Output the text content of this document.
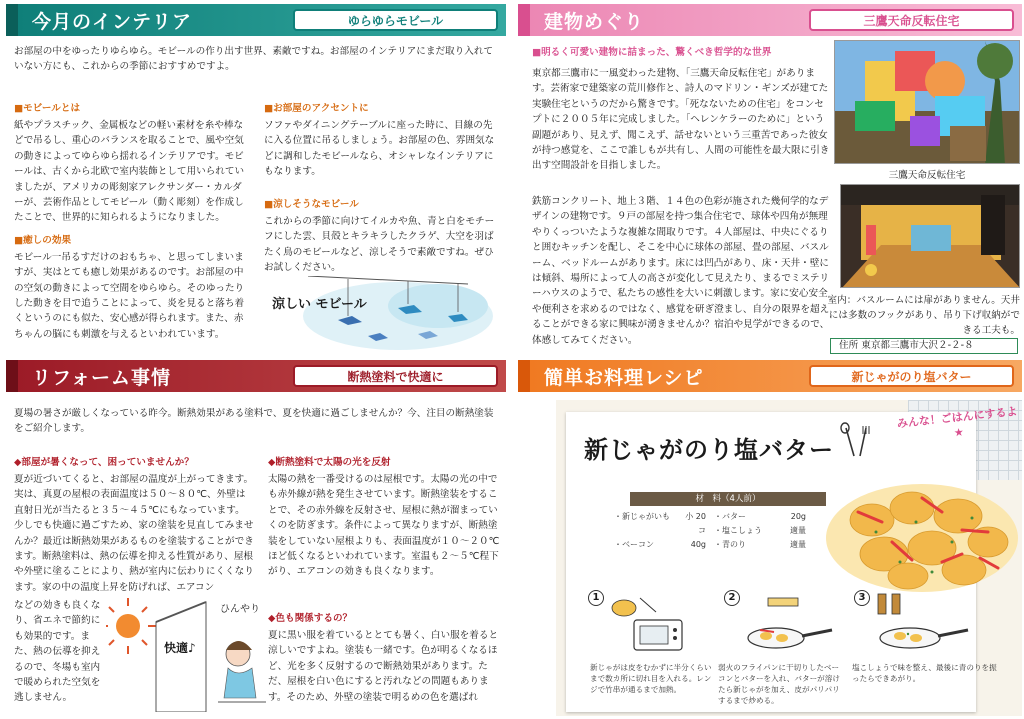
今月のインテリア	ゆらゆらモビール

お部屋の中をゆったりゆらゆら。モビールの作り出す世界、素敵ですね。お部屋のインテリアにまだ取り入れていない方にも、これからの季節におすすめですよ。

■モビールとは

紙やプラスチック、金属板などの軽い素材を糸や棒などで吊るし、重心のバランスを取ることで、風や空気の動きによってゆらゆら揺れるインテリアです。モビールは、古くから北欧で室内装飾として用いられていましたが、アメリカの彫刻家アレクサンダー・カルダーが、芸術作品としてモビール（動く彫刻）を作成したことで、世界的に知られるようになりました。

■癒しの効果

モビール一吊るすだけのおもちゃ、と思ってしまいますが、実はとても癒し効果があるのです。お部屋の中の空気の動きによって空間をゆらゆら。そのゆったりした動きを目で追うことによって、炎を見ると落ち着くというのにも似た、安心感が得られます。また、赤ちゃんの脳にも刺激を与えるといわれています。

■お部屋のアクセントに

ソファやダイニングテーブルに座った時に、目線の先に入る位置に吊るしましょう。お部屋の色、雰囲気などに調和したモビールなら、オシャレなインテリアにもなります。

■涼しそうなモビール

これからの季節に向けてイルカや魚、青と白をモチーフにした雲、貝殻とキラキラしたクラゲ、大空を羽ばたく鳥のモビールなど、涼しそうで素敵ですね。ぜひお試しください。

涼しい モビール
建物めぐり	三鷹天命反転住宅
■明るく可愛い建物に詰まった、驚くべき哲学的な世界

東京都三鷹市に一風変わった建物、「三鷹天命反転住宅」があります。芸術家で建築家の荒川修作と、詩人のマドリン・ギンズが建てた実験住宅というのだから驚きです。「死なないための住宅」をコンセプトに２００５年に完成しました。「ヘレンケラーのために」という副題があり、見えず、聞こえず、話せないという三重苦であった彼女が持つ感覚を、ここで誰しもが共有し、人間の可能性を最大限に引き出す空間設計を目指しました。

鉄筋コンクリート、地上３階、１４色の色彩が施された幾何学的なデザインの建物です。９戸の部屋を持つ集合住宅で、球体や四角が無理やりくっついたような複雑な間取りです。４人部屋は、中央にぐるりと囲むキッチンを配し、そこを中心に球体の部屋、畳の部屋、バスルーム、ベッドルームがあります。床には凹凸があり、床・天井・壁には傾斜、場所によって人の高さが変化して見えたり、まるでミステリーハウスのようで、私たちの感性を大いに刺激します。家に安心安全や便利さを求めるのではなく、感覚を研ぎ澄まし、自分の限界を超えることができる家に興味が湧きませんか？宿泊や見学ができるので、体感してみてください。

三鷹天命反転住宅

室内：バスルームには扉がありません。天井には多数のフックがあり、吊り下げ収納ができる工夫も。

住所 東京都三鷹市大沢２-２-８
リフォーム事情	断熱塗料で快適に

夏場の暑さが厳しくなっている昨今。断熱効果がある塗料で、夏を快適に過ごしませんか？今、注目の断熱塗装をご紹介します。

◆部屋が暑くなって、困っていませんか？

夏が近づいてくると、お部屋の温度が上がってきます。実は、真夏の屋根の表面温度は５０～８０℃、外壁は直射日光が当たると３５～４５℃にもなっています。少しでも快適に過ごすため、家の塗装を見直してみませんか？最近は断熱効果があるものを塗装することができます。断熱塗料は、熱の伝導を抑える性質があり、屋根や外壁に塗ることにより、熱が室内に伝わりにくくなります。家の中の温度上昇を防げれば、エアコン

などの効きも良くなり、省エネで節約にも効果的です。また、熱の伝導を抑えるので、冬場も室内で暖められた空気を逃しません。

◆断熱塗料で太陽の光を反射

太陽の熱を一番受けるのは屋根です。太陽の光の中でも赤外線が熱を発生させています。断熱塗装をすることで、その赤外線を反射させ、屋根に熱が溜まっていくのを防ぎます。条件によって異なりますが、断熱塗装をしていない屋根よりも、表面温度が１０～２０℃ほど低くなるといわれています。室温も２～５℃程下がり、エアコンの効きも良くなります。

◆色も関係するの？

夏に黒い服を着ているととても暑く、白い服を着ると涼しいですよね。塗装も一緒です。色が明るくなるほど、光を多く反射するので断熱効果があります。ただ、屋根を白い色にすると汚れなどの問題もあります。そのため、外壁の塗装で明るめの色を選ばれ

ひんやり
快適♪
簡単お料理レシピ	新じゃがのり塩バター
新じゃがのり塩バター
みんな！ごはんにするよ★
材　料（4人前）
・新じゃがいも	小 20コ
・ベーコン	40g
・バター	20g
・塩こしょう	適量
・青のり	適量
1
新じゃがは皮をむかずに半分くらいまで数カ所に切れ目を入れる。レンジで竹串が通るまで加熱。
2
弱火のフライパンに干切りしたベーコンとバターを入れ、バターが溶けたら新じゃがを加え、皮がパリパリするまで炒める。
3
塩こしょうで味を整え、最後に青のりを振ったらできあがり。
